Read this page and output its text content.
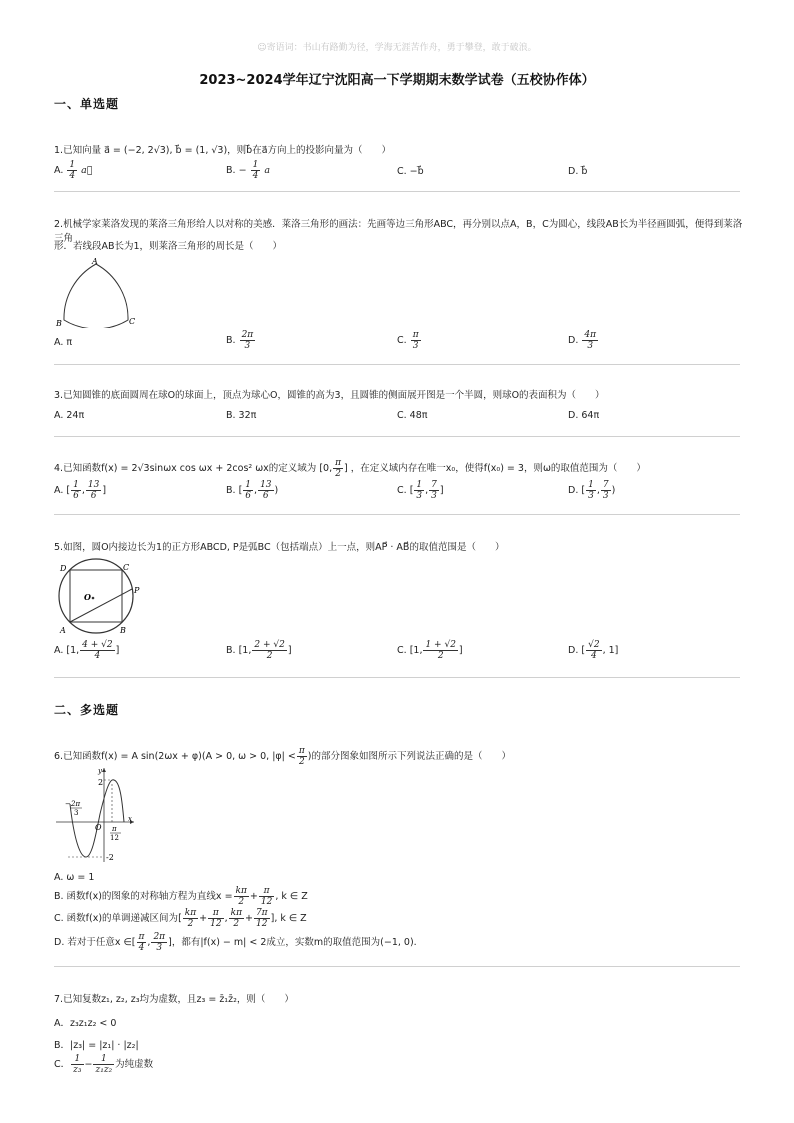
☺寄语词：书山有路勤为径，学海无涯苦作舟，勇于攀登，敢于破浪。
2023~2024学年辽宁沈阳高一下学期期末数学试卷（五校协作体）
一、单选题
1.已知向量 a⃗ = (−2, 2√3), b⃗ = (1, √3)，则b⃗在a⃗方向上的投影向量为（　　）
A. $\frac{1}{4}$ a⃗	B. − $\frac{1}{4}$ a	C. −b⃗	D. b⃗
2.机械学家莱洛发现的莱洛三角形给人以对称的美感．莱洛三角形的画法：先画等边三角形ABC，再分别以点A，B，C为圆心，线段AB长为半径画圆弧，便得到莱洛三角
形．若线段AB长为1，则莱洛三角形的周长是（　　）
A
B	C
A. π	B. $\frac{2\pi}{3}$	C. $\frac{\pi}{3}$	D. $\frac{4\pi}{3}$
3.已知圆锥的底面圆周在球O的球面上，顶点为球心O，圆锥的高为3，且圆锥的侧面展开图是一个半圆，则球O的表面积为（　　）
A. 24π	B. 32π	C. 48π	D. 64π
4.已知函数f(x) = 2√3sinωx cos ωx + 2cos² ωx的定义域为 [0, $\frac{\pi}{2}$ ] ，在定义域内存在唯一x₀，使得f(x₀) = 3，则ω的取值范围为（　　）
A. [ $\frac{1}{6}$ , $\frac{13}{6}$ ]	B. [ $\frac{1}{6}$ , $\frac{13}{6}$ )	C. [ $\frac{1}{3}$ , $\frac{7}{3}$ ]	D. [ $\frac{1}{3}$ , $\frac{7}{3}$ )
5.如图，圆O内接边长为1的正方形ABCD, P是弧BC（包括端点）上一点，则AP⃗ · AB⃗的取值范围是（　　）
D	C
P
O
A	B
A. [1, $\frac{4 + √2}{4}$ ]	B. [1, $\frac{2 + √2}{2}$ ]	C. [1, $\frac{1 + √2}{2}$ ]	D. [ $\frac{√2}{4}$ , 1]
二、多选题
6.已知函数f(x) = A sin(2ωx + φ)(A > 0, ω > 0, $|\varphi| < \frac{\pi}{2}$ )的部分图象如图所示下列说法正确的是（　　）
y
x
2
-2
O
− 2π
3
π
12
A. ω = 1
B. 函数f(x)的图象的对称轴方程为直线$x = \frac{k\pi}{2} + \frac{\pi}{12}$ , k ∈ Z
C. 函数f(x)的单调递减区间为[ $\frac{k\pi}{2} + \frac{\pi}{12}$ , $\frac{k\pi}{2} + \frac{7\pi}{12}$ ], k ∈ Z
D. 若对于任意x ∈[ $\frac{\pi}{4}$ , $\frac{2\pi}{3}$ ]，都有|f(x) − m| < 2成立，实数m的取值范围为(−1, 0).
7.已知复数z₁, z₂, z₃均为虚数，且z₃ = z̄₁z̄₂，则（　　）
A．z₃z₁z₂ < 0
B．|z₃| = |z₁| · |z₂|
C． $\frac{1}{\text{z₃}} - \frac{1}{\text{z₁z₂}}$ 为纯虚数
